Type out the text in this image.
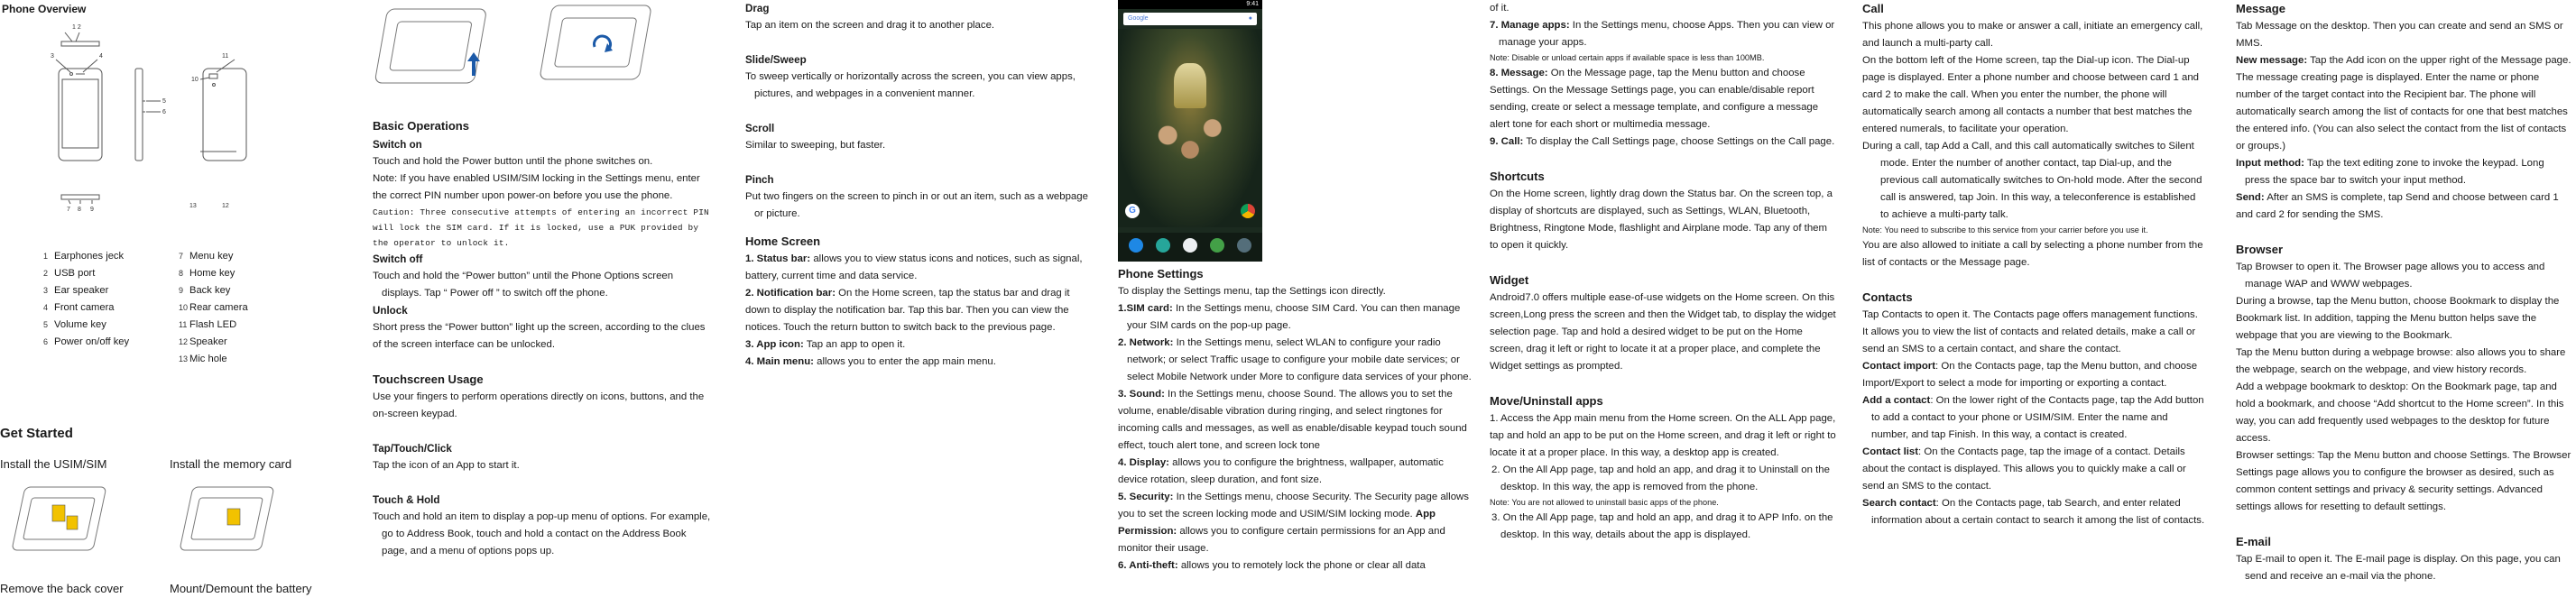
Phone Overview
1 2
3	4
5
6
7 8 9
10
11
12
13
1	Earphones jeck
2	USB port
3	Ear speaker
4	Front camera
5	Volume key
6	Power on/off key
7	Menu key
8	Home key
9	Back key
10	Rear camera
11	Flash LED
12	Speaker
13	Mic hole
Get Started
Install the USIM/SIM	Install the memory card
Remove the back cover	Mount/Demount the battery
Basic Operations
Switch on

Touch and hold the Power button until the phone switches on.

Note: If you have enabled USIM/SIM locking in the Settings menu, enter the correct PIN number upon power-on before you use the phone.

Caution: Three consecutive attempts of entering an incorrect PIN will lock the SIM card. If it is locked, use a PUK provided by the operator to unlock it.

Switch off

Touch and hold the “Power button” until the Phone Options screen displays. Tap “ Power off ” to switch off the phone.

Unlock

Short press the “Power button” light up the screen, according to the clues of the screen interface can be unlocked.

Touchscreen Usage

Use your fingers to perform operations directly on icons, buttons, and the on-screen keypad.

Tap/Touch/Click

Tap the icon of an App to start it.

Touch & Hold

Touch and hold an item to display a pop-up menu of options. For example, go to Address Book, touch and hold a contact on the Address Book page, and a menu of options pops up.

Drag

Tap an item on the screen and drag it to another place.

Slide/Sweep

To sweep vertically or horizontally across the screen, you can view apps, pictures, and webpages in a convenient manner.

Scroll

Similar to sweeping, but faster.

Pinch

Put two fingers on the screen to pinch in or out an item, such as a webpage or picture.

Home Screen

1. Status bar: allows you to view status icons and notices, such as signal, battery, current time and data service.

2. Notification bar: On the Home screen, tap the status bar and drag it down to display the notification bar. Tap this bar. Then you can view the notices. Touch the return button to switch back to the previous page.

3. App icon: Tap an app to open it.

4. Main menu: allows you to enter the app main menu.

9:41
Google	●
G
Phone Settings

To display the Settings menu, tap the Settings icon directly.

1.SIM card: In the Settings menu, choose SIM Card. You can then manage your SIM cards on the pop-up page.

2. Network: In the Settings menu, select WLAN to configure your radio network; or select Traffic usage to configure your mobile date services; or select Mobile Network under More to configure data services of your phone.

3. Sound: In the Settings menu, choose Sound. The allows you to set the volume, enable/disable vibration during ringing, and select ringtones for incoming calls and messages, as well as enable/disable keypad touch sound effect, touch alert tone, and screen lock tone

4. Display: allows you to configure the brightness, wallpaper, automatic device rotation, sleep duration, and font size.

5. Security: In the Settings menu, choose Security. The Security page allows you to set the screen locking mode and USIM/SIM locking mode. App Permission: allows you to configure certain permissions for an App and monitor their usage.

6. Anti-theft: allows you to remotely lock the phone or clear all data

of it.

7. Manage apps: In the Settings menu, choose Apps. Then you can view or manage your apps.

Note: Disable or unload certain apps if available space is less than 100MB.

8. Message: On the Message page, tap the Menu button and choose Settings. On the Message Settings page, you can enable/disable report sending, create or select a message template, and configure a message alert tone for each short or multimedia message.

9. Call: To display the Call Settings page, choose Settings on the Call page.

Shortcuts

On the Home screen, lightly drag down the Status bar. On the screen top, a display of shortcuts are displayed, such as Settings, WLAN, Bluetooth, Brightness, Ringtone Mode, flashlight and Airplane mode. Tap any of them to open it quickly.

Widget

Android7.0 offers multiple ease-of-use widgets on the Home screen. On this screen,Long press the screen and then the Widget tab, to display the widget selection page. Tap and hold a desired widget to be put on the Home screen, drag it left or right to locate it at a proper place, and complete the Widget settings as prompted.

Move/Uninstall apps

1. Access the App main menu from the Home screen. On the ALL App page, tap and hold an app to be put on the Home screen, and drag it left or right to locate it at a proper place. In this way, a desktop app is created.

2. On the All App page, tap and hold an app, and drag it to Uninstall on the desktop. In this way, the app is removed from the phone.

Note: You are not allowed to uninstall basic apps of the phone.

3. On the All App page, tap and hold an app, and drag it to APP Info. on the desktop. In this way, details about the app is displayed.

Call

This phone allows you to make or answer a call, initiate an emergency call, and launch a multi-party call.

On the bottom left of the Home screen, tap the Dial-up icon. The Dial-up page is displayed. Enter a phone number and choose between card 1 and card 2 to make the call. When you enter the number, the phone will automatically search among all contacts a number that best matches the entered numerals, to facilitate your operation.

During a call, tap Add a Call, and this call automatically switches to Silent mode. Enter the number of another contact, tap Dial-up, and the previous call automatically switches to On-hold mode. After the second call is answered, tap Join. In this way, a teleconference is established to achieve a multi-party talk.

Note: You need to subscribe to this service from your carrier before you use it.

You are also allowed to initiate a call by selecting a phone number from the list of contacts or the Message page.

Contacts

Tap Contacts to open it. The Contacts page offers management functions. It allows you to view the list of contacts and related details, make a call or send an SMS to a certain contact, and share the contact.

Contact import: On the Contacts page, tap the Menu button, and choose Import/Export to select a mode for importing or exporting a contact.

Add a contact: On the lower right of the Contacts page, tap the Add button to add a contact to your phone or USIM/SIM. Enter the name and number, and tap Finish. In this way, a contact is created.

Contact list: On the Contacts page, tap the image of a contact. Details about the contact is displayed. This allows you to quickly make a call or send an SMS to the contact.

Search contact: On the Contacts page, tab Search, and enter related information about a certain contact to search it among the list of contacts.

Message

Tab Message on the desktop. Then you can create and send an SMS or MMS.

New message: Tap the Add icon on the upper right of the Message page. The message creating page is displayed. Enter the name or phone number of the target contact into the Recipient bar. The phone will automatically search among the list of contacts for one that best matches the entered info. (You can also select the contact from the list of contacts or groups.)

Input method: Tap the text editing zone to invoke the keypad. Long press the space bar to switch your input method.

Send: After an SMS is complete, tap Send and choose between card 1 and card 2 for sending the SMS.

Browser

Tap Browser to open it. The Browser page allows you to access and manage WAP and WWW webpages.

During a browse, tap the Menu button, choose Bookmark to display the Bookmark list. In addition, tapping the Menu button helps save the webpage that you are viewing to the Bookmark.

Tap the Menu button during a webpage browse: also allows you to share the webpage, search on the webpage, and view history records.

Add a webpage bookmark to desktop: On the Bookmark page, tap and hold a bookmark, and choose “Add shortcut to the Home screen”. In this way, you can add frequently used webpages to the desktop for future access.

Browser settings: Tap the Menu button and choose Settings. The Browser Settings page allows you to configure the browser as desired, such as common content settings and privacy & security settings. Advanced settings allows for resetting to default settings.

E-mail

Tap E-mail to open it. The E-mail page is display. On this page, you can send and receive an e-mail via the phone.
